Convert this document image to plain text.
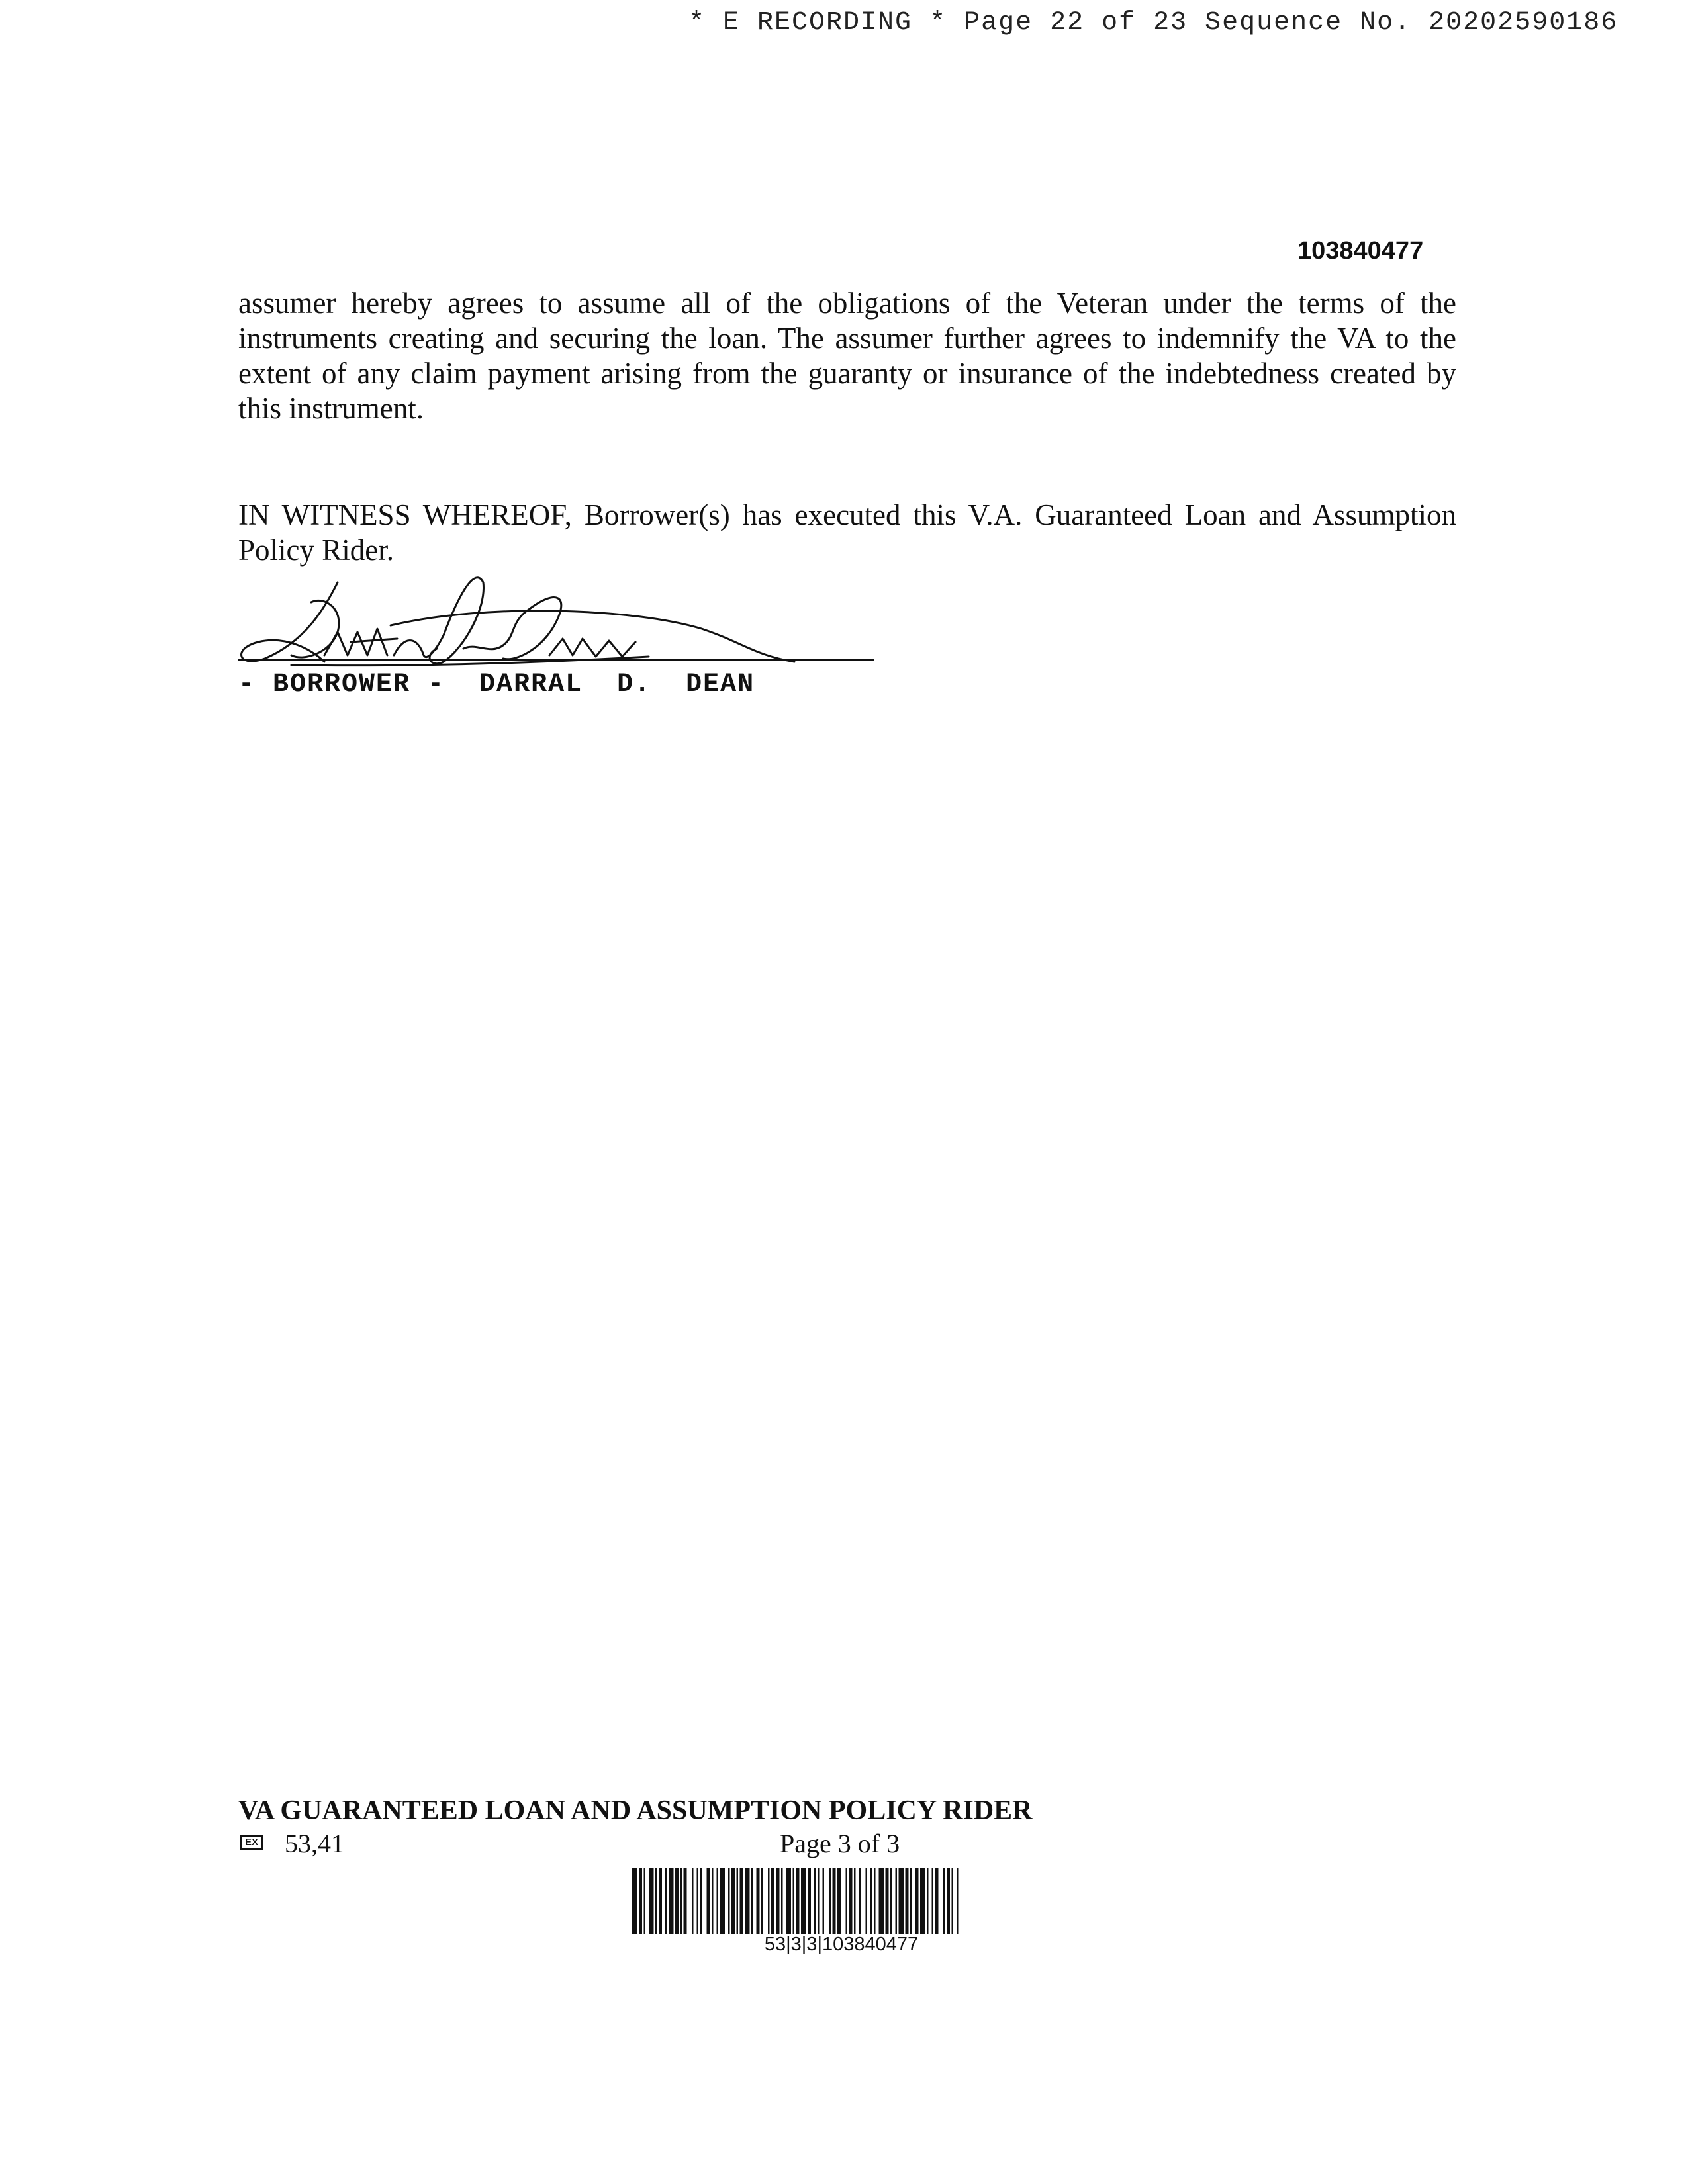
* E RECORDING * Page 22 of 23 Sequence No. 20202590186
103840477

assumer hereby agrees to assume all of the obligations of the Veteran under the terms of the instruments creating and securing the loan. The assumer further agrees to indemnify the VA to the extent of any claim payment arising from the guaranty or insurance of the indebtedness created by this instrument.

IN WITNESS WHEREOF, Borrower(s) has executed this V.A. Guaranteed Loan and Assumption Policy Rider.

- BORROWER -  DARRAL  D.  DEAN
VA GUARANTEED LOAN AND ASSUMPTION POLICY RIDER
EX 53,41	Page 3 of 3
53|3|3|103840477
